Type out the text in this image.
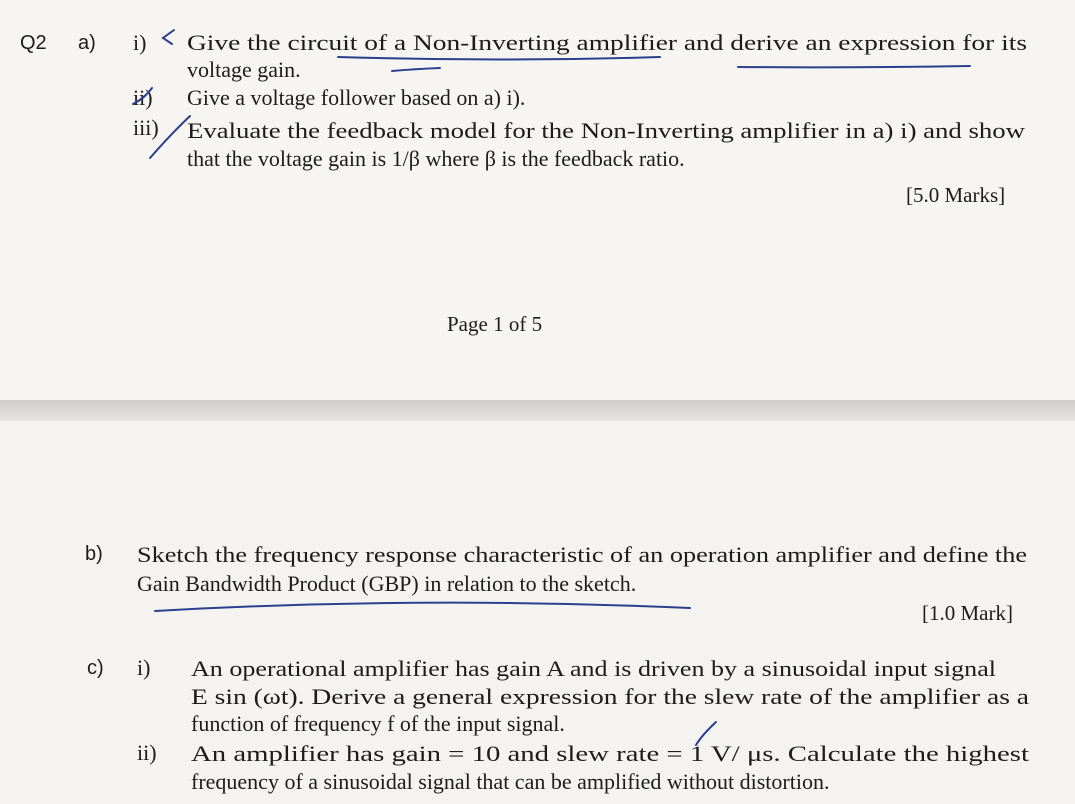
Q2 a) i) Give the circuit of a Non-Inverting amplifier and derive an expression for its
voltage gain.
ii) Give a voltage follower based on a) i).
iii) Evaluate the feedback model for the Non-Inverting amplifier in a) i) and show
that the voltage gain is 1/β where β is the feedback ratio.
[5.0 Marks]
Page 1 of 5
b) Sketch the frequency response characteristic of an operation amplifier and define the
Gain Bandwidth Product (GBP) in relation to the sketch.
[1.0 Mark]
c) i) An operational amplifier has gain A and is driven by a sinusoidal input signal
E sin (ωt). Derive a general expression for the slew rate of the amplifier as a
function of frequency f of the input signal.
ii) An amplifier has gain = 10 and slew rate = 1 V/ μs. Calculate the highest
frequency of a sinusoidal signal that can be amplified without distortion.
